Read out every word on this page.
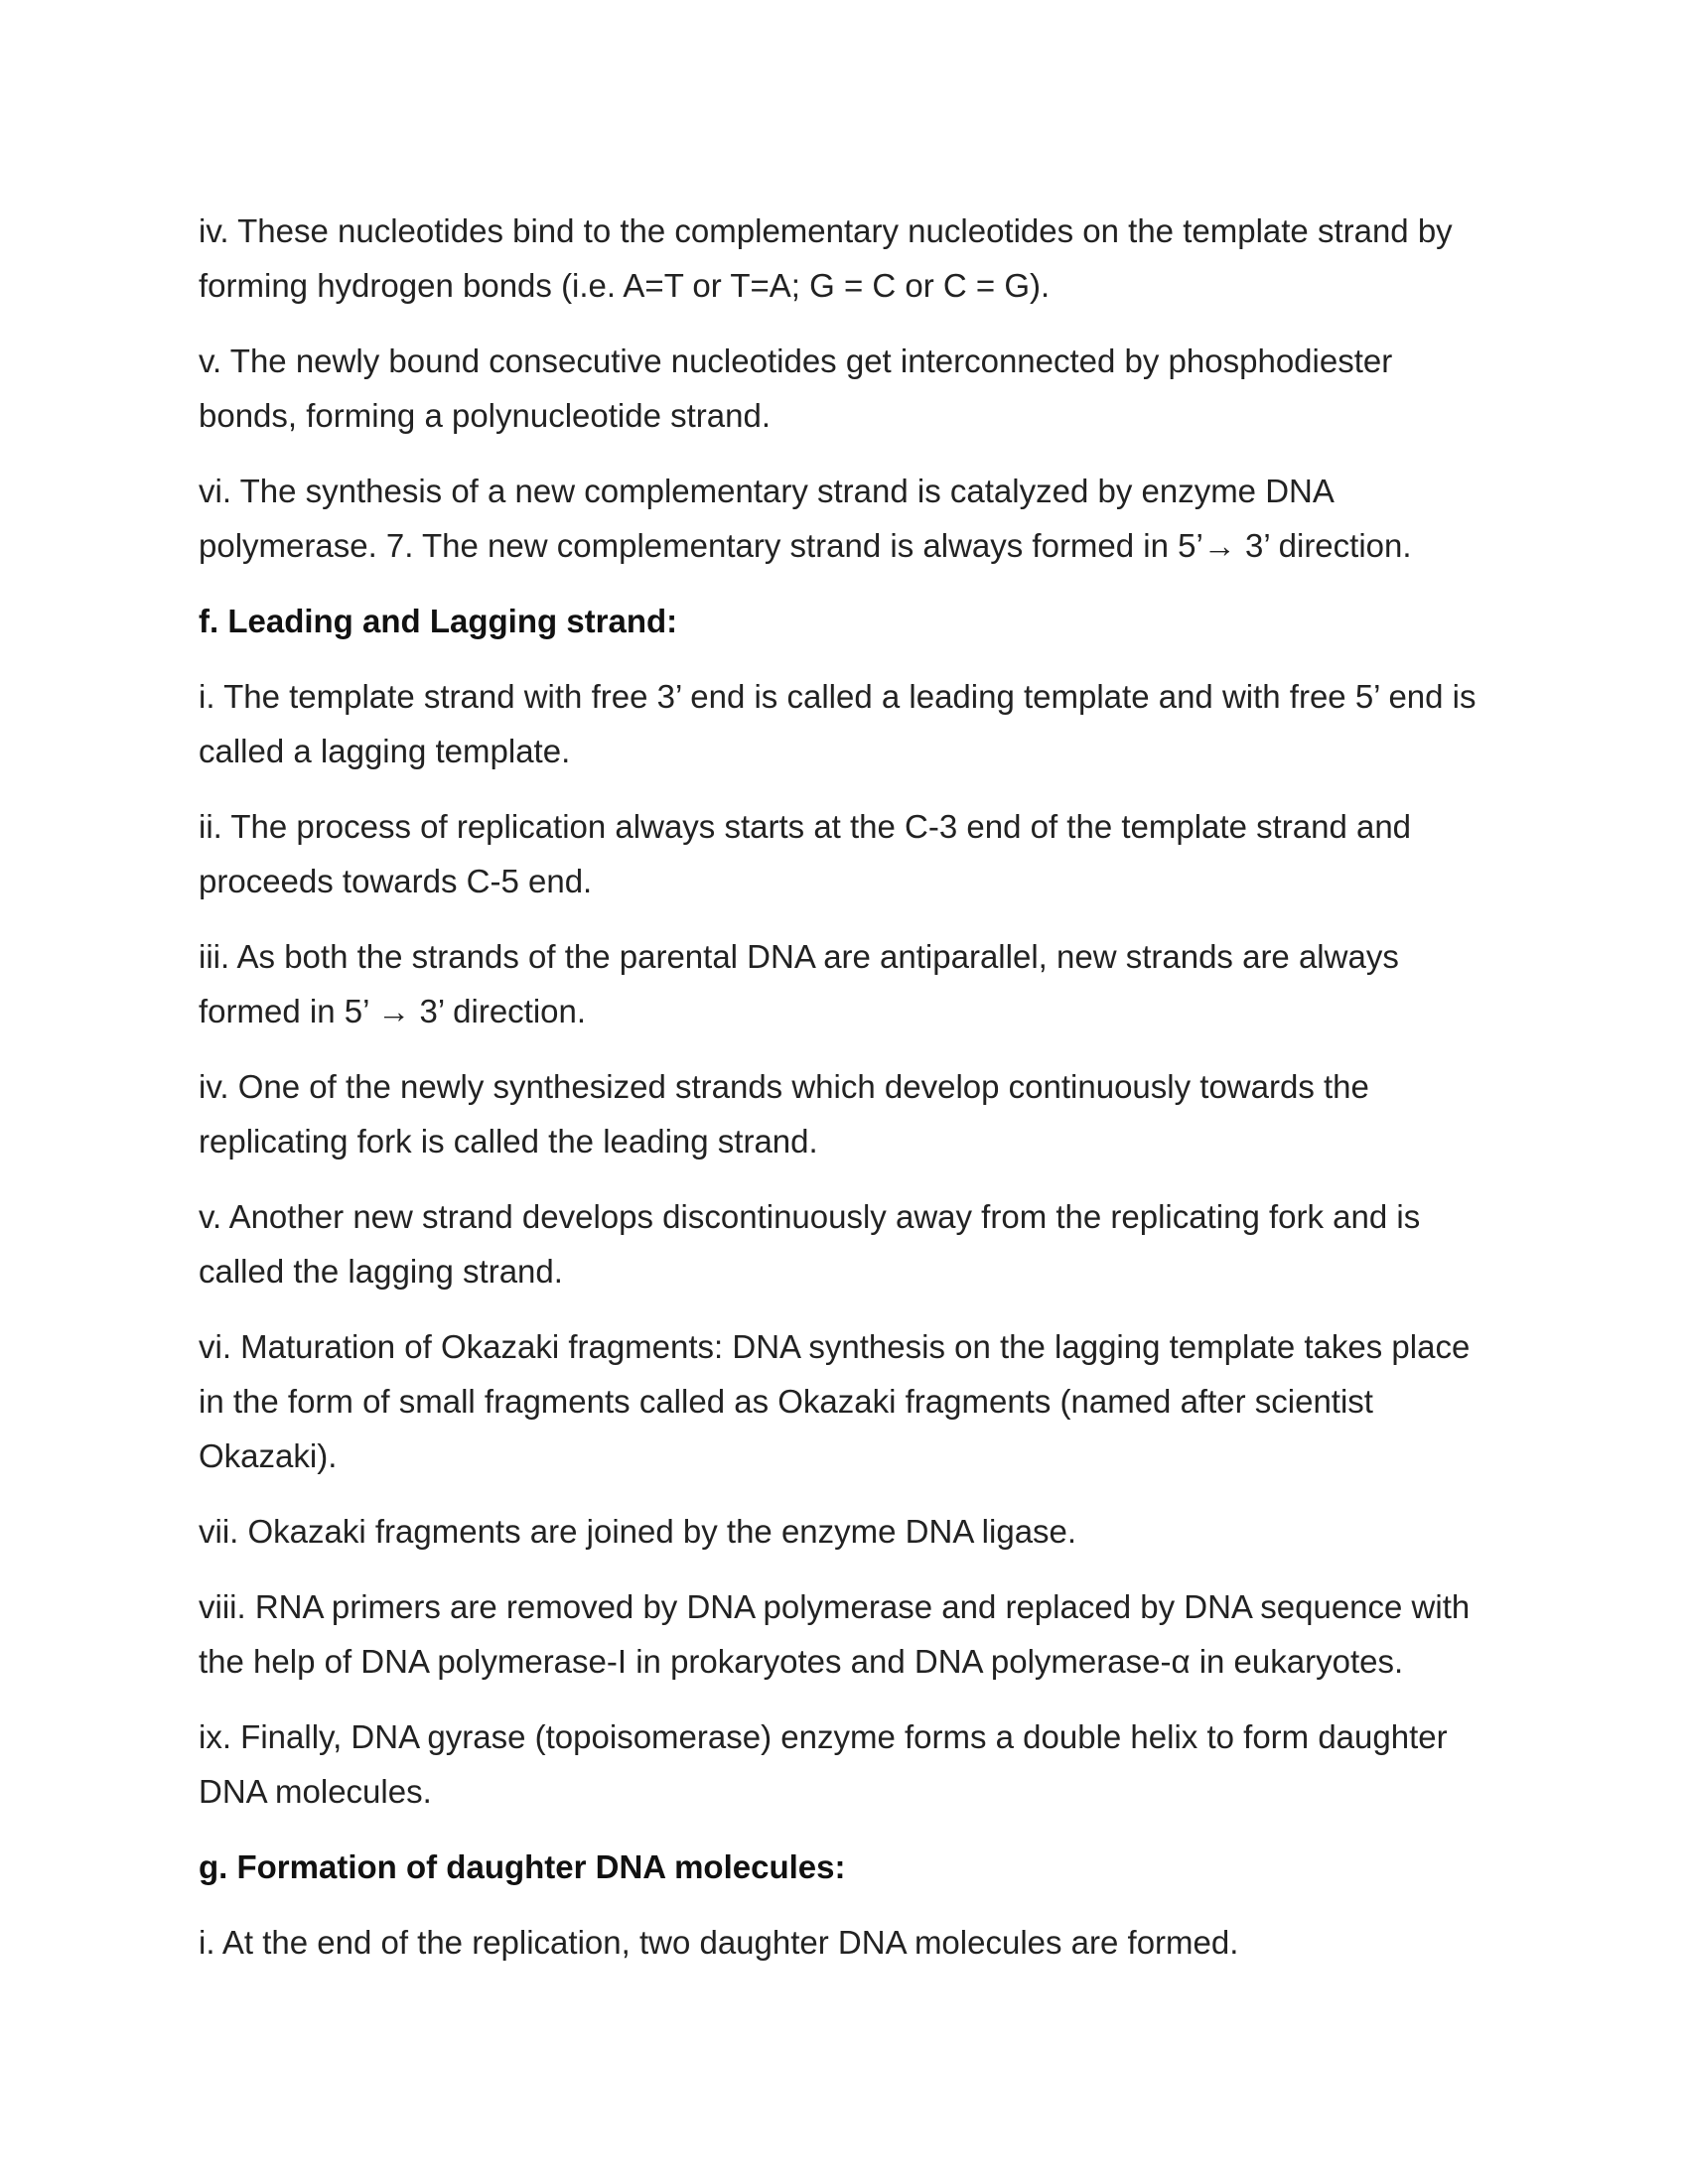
iv. These nucleotides bind to the complementary nucleotides on the template strand by forming hydrogen bonds (i.e. A=T or T=A; G = C or C = G).

v. The newly bound consecutive nucleotides get interconnected by phosphodiester bonds, forming a polynucleotide strand.

vi. The synthesis of a new complementary strand is catalyzed by enzyme DNA polymerase. 7. The new complementary strand is always formed in 5’→ 3’ direction.

f. Leading and Lagging strand:

i. The template strand with free 3’ end is called a leading template and with free 5’ end is called a lagging template.

ii. The process of replication always starts at the C-3 end of the template strand and proceeds towards C-5 end.

iii. As both the strands of the parental DNA are antiparallel, new strands are always formed in 5’ → 3’ direction.

iv. One of the newly synthesized strands which develop continuously towards the replicating fork is called the leading strand.

v. Another new strand develops discontinuously away from the replicating fork and is called the lagging strand.

vi. Maturation of Okazaki fragments: DNA synthesis on the lagging template takes place in the form of small fragments called as Okazaki fragments (named after scientist Okazaki).

vii. Okazaki fragments are joined by the enzyme DNA ligase.

viii. RNA primers are removed by DNA polymerase and replaced by DNA sequence with the help of DNA polymerase-I in prokaryotes and DNA polymerase-α in eukaryotes.

ix. Finally, DNA gyrase (topoisomerase) enzyme forms a double helix to form daughter DNA molecules.

g. Formation of daughter DNA molecules:

i. At the end of the replication, two daughter DNA molecules are formed.
